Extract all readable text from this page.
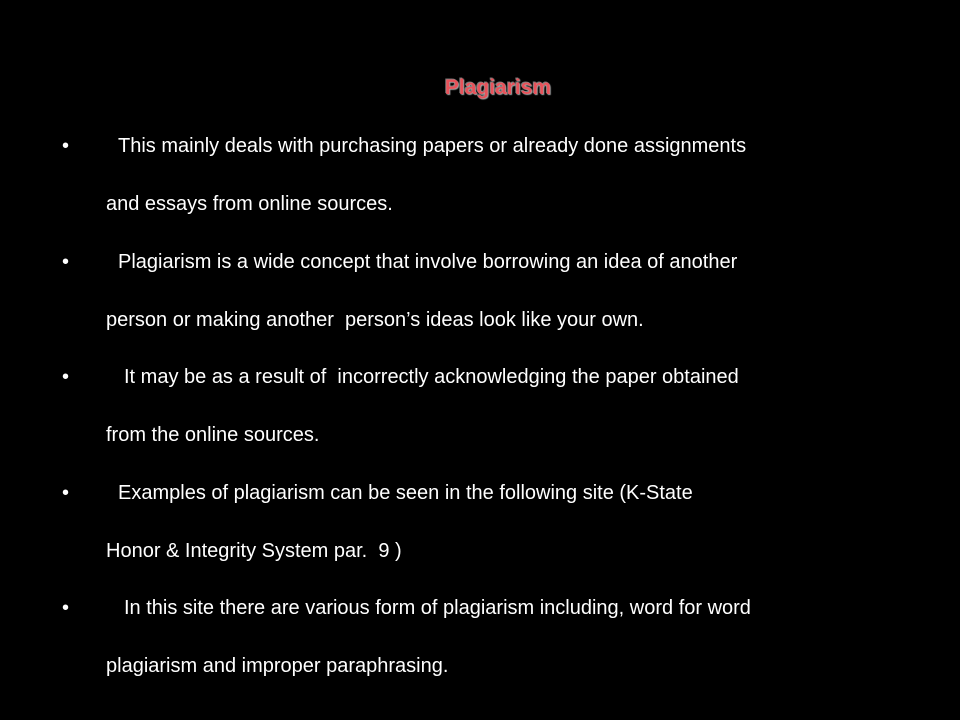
Plagiarism
• This mainly deals with purchasing papers or already done assignments
and essays from online sources.
• Plagiarism is a wide concept that involve borrowing an idea of another
person or making another  person’s ideas look like your own.
•	It may be as a result of  incorrectly acknowledging the paper obtained
from the online sources.
• Examples of plagiarism can be seen in the following site (K-State
Honor & Integrity System par.  9 )
•	In this site there are various form of plagiarism including, word for word
plagiarism and improper paraphrasing.
